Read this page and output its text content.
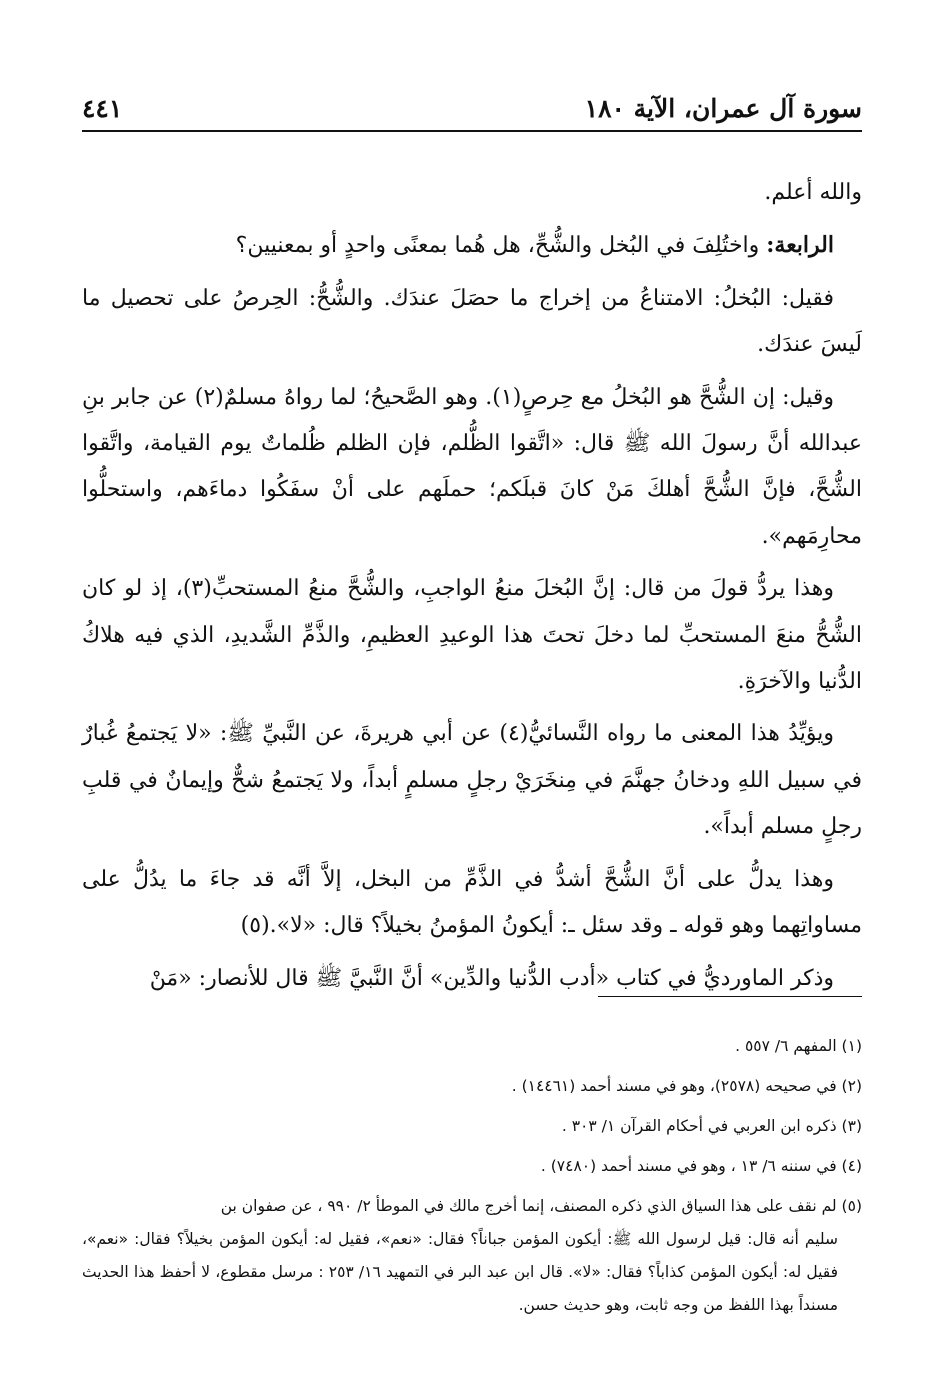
سورة آل عمران، الآية ١٨٠
٤٤١

والله أعلم.

الرابعة: واختُلِفَ في البُخل والشُّحِّ، هل هُما بمعنًى واحدٍ أو بمعنيين؟

فقيل: البُخلُ: الامتناعُ من إخراج ما حصَلَ عندَك. والشُّحُّ: الحِرصُ على تحصيل ما لَيسَ عندَك.

وقيل: إن الشُّحَّ هو البُخلُ مع حِرصٍ(١). وهو الصَّحيحُ؛ لما رواهُ مسلمٌ(٢) عن جابر بنِ عبدالله أنَّ رسولَ الله ﷺ قال: «اتَّقوا الظُّلم، فإن الظلم ظُلماتٌ يوم القيامة، واتَّقوا الشُّحَّ، فإنَّ الشُّحَّ أهلكَ مَنْ كانَ قبلَكم؛ حملَهم على أنْ سفَكُوا دماءَهم، واستحلُّوا محارِمَهم».

وهذا يردُّ قولَ من قال: إنَّ البُخلَ منعُ الواجبِ، والشُّحَّ منعُ المستحبِّ(٣)، إذ لو كان الشُّحُّ منعَ المستحبِّ لما دخلَ تحتَ هذا الوعيدِ العظيمِ، والذَّمِّ الشَّديدِ، الذي فيه هلاكُ الدُّنيا والآخرَةِ.

ويؤيِّدُ هذا المعنى ما رواه النَّسائيُّ(٤) عن أبي هريرةَ، عن النَّبيِّ ﷺ: «لا يَجتمعُ غُبارٌ في سبيل اللهِ ودخانُ جهنَّمَ في مِنخَرَيْ رجلٍ مسلمٍ أبداً، ولا يَجتمعُ شحٌّ وإيمانٌ في قلبِ رجلٍ مسلم أبداً».

وهذا يدلُّ على أنَّ الشُّحَّ أشدُّ في الذَّمِّ من البخل، إلاَّ أنَّه قد جاءَ ما يدُلُّ على مساواتِهما وهو قوله ـ وقد سئل ـ: أيكونُ المؤمنُ بخيلاً؟ قال: «لا».(٥)

وذكر الماورديُّ في كتاب «أدب الدُّنيا والدِّين» أنَّ النَّبيَّ ﷺ قال للأنصار: «مَنْ

(١) المفهم ٦/ ٥٥٧ .

(٢) في صحيحه (٢٥٧٨)، وهو في مسند أحمد (١٤٤٦١) .

(٣) ذكره ابن العربي في أحكام القرآن ١/ ٣٠٣ .

(٤) في سننه ٦/ ١٣ ، وهو في مسند أحمد (٧٤٨٠) .

(٥) لم نقف على هذا السياق الذي ذكره المصنف، إنما أخرج مالك في الموطأ ٢/ ٩٩٠ ، عن صفوان بن
سليم أنه قال: قيل لرسول الله ﷺ: أيكون المؤمن جباناً؟ فقال: «نعم»، فقيل له: أيكون المؤمن بخيلاً؟ فقال: «نعم»، فقيل له: أيكون المؤمن كذاباً؟ فقال: «لا». قال ابن عبد البر في التمهيد ١٦/ ٢٥٣ : مرسل مقطوع، لا أحفظ هذا الحديث مسنداً بهذا اللفظ من وجه ثابت، وهو حديث حسن.
